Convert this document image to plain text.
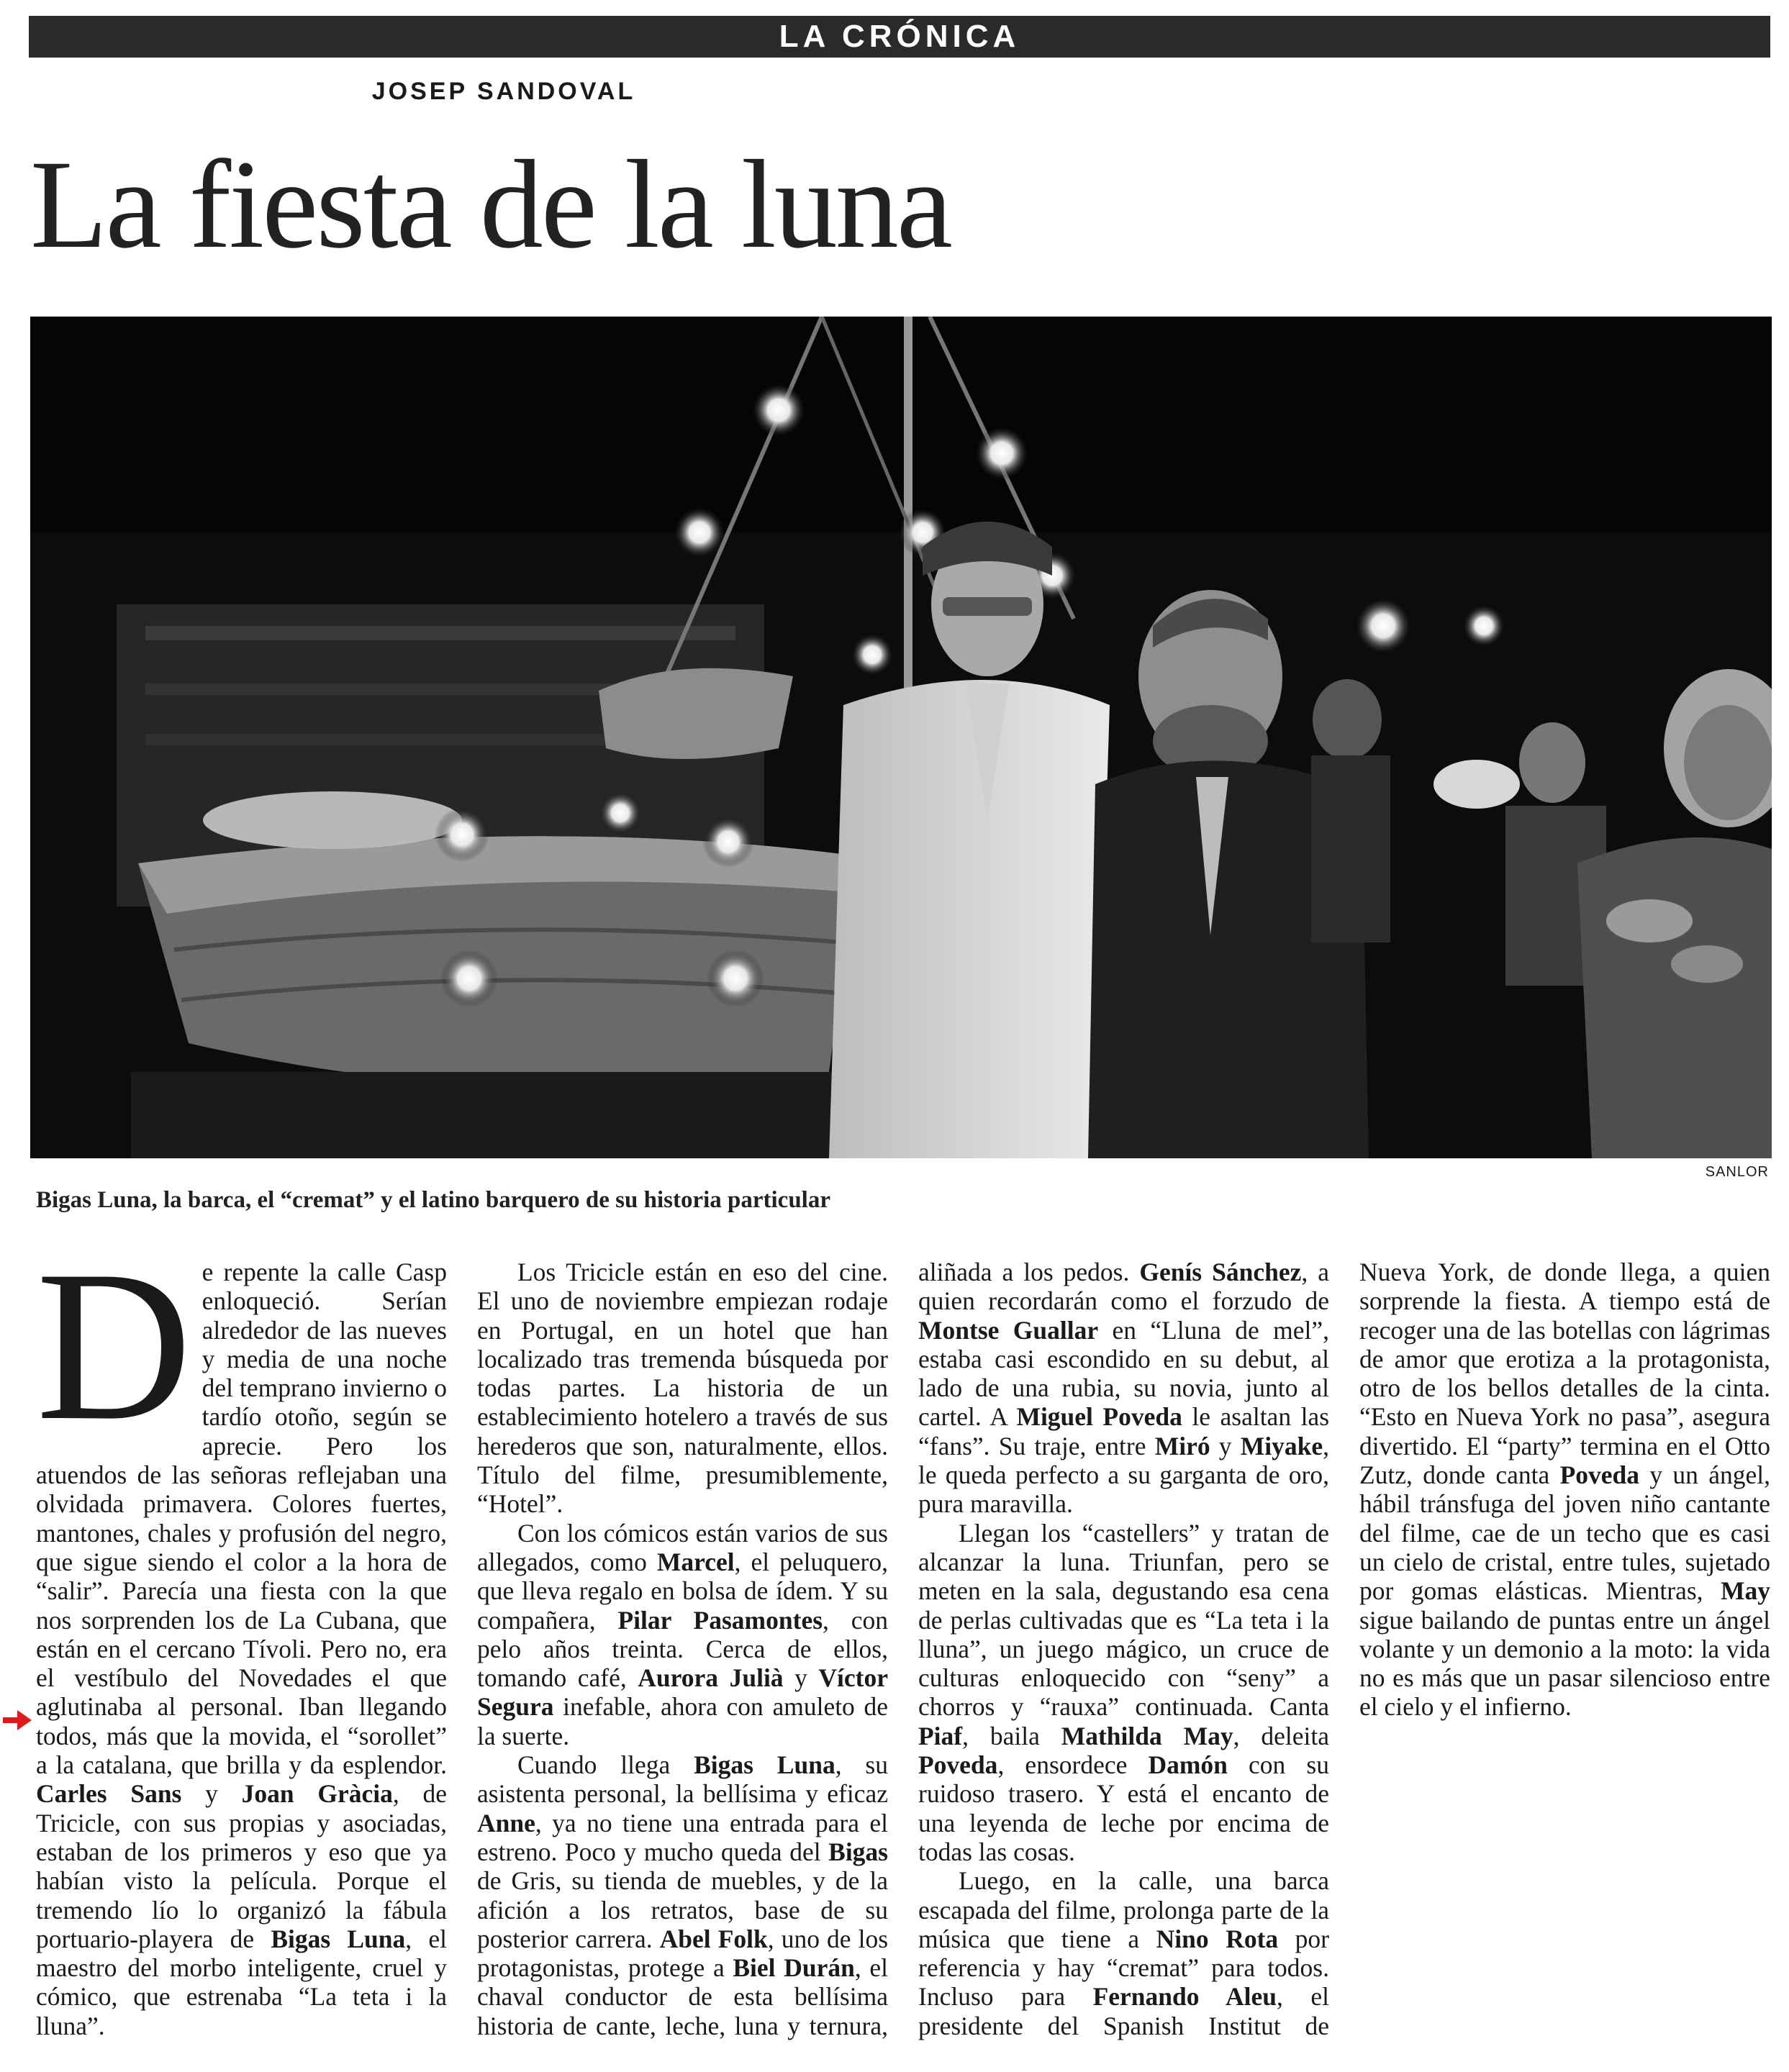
LA CRÓNICA
JOSEP SANDOVAL
La fiesta de la luna
SANLOR
Bigas Luna, la barca, el “cremat” y el latino barquero de su historia particular

De repente la calle Casp enloqueció. Serían alrededor de las nueves y media de una noche del temprano invierno o tardío otoño, según se aprecie. Pero los atuendos de las señoras reflejaban una olvidada primavera. Colores fuertes, mantones, chales y profusión del negro, que sigue siendo el color a la hora de “salir”. Parecía una fiesta con la que nos sorprenden los de La Cubana, que están en el cercano Tívoli. Pero no, era el vestíbulo del Novedades el que aglutinaba al personal. Iban llegando todos, más que la movida, el “sorollet” a la catalana, que brilla y da esplendor. Carles Sans y Joan Gràcia, de Tricicle, con sus propias y asociadas, estaban de los primeros y eso que ya habían visto la película. Porque el tremendo lío lo organizó la fábula portuario-playera de Bigas Luna, el maestro del morbo inteligente, cruel y cómico, que estrenaba “La teta i la lluna”.

Los Tricicle están en eso del cine. El uno de noviembre empiezan rodaje en Portugal, en un hotel que han localizado tras tremenda búsqueda por todas partes. La historia de un establecimiento hotelero a través de sus herederos que son, naturalmente, ellos. Título del filme, presumiblemente, “Hotel”.

Con los cómicos están varios de sus allegados, como Marcel, el peluquero, que lleva regalo en bolsa de ídem. Y su compañera, Pilar Pasamontes, con pelo años treinta. Cerca de ellos, tomando café, Aurora Julià y Víctor Segura inefable, ahora con amuleto de la suerte.

Cuando llega Bigas Luna, su asistenta personal, la bellísima y eficaz Anne, ya no tiene una entrada para el estreno. Poco y mucho queda del Bigas de Gris, su tienda de muebles, y de la afición a los retratos, base de su posterior carrera. Abel Folk, uno de los protagonistas, protege a Biel Durán, el chaval conductor de esta bellísima historia de cante, leche, luna y ternura, aliñada a los pedos. Genís Sánchez, a quien recordarán como el forzudo de Montse Guallar en “Lluna de mel”, estaba casi escondido en su debut, al lado de una rubia, su novia, junto al cartel. A Miguel Poveda le asaltan las “fans”. Su traje, entre Miró y Miyake, le queda perfecto a su garganta de oro, pura maravilla.

Llegan los “castellers” y tratan de alcanzar la luna. Triunfan, pero se meten en la sala, degustando esa cena de perlas cultivadas que es “La teta i la lluna”, un juego mágico, un cruce de culturas enloquecido con “seny” a chorros y “rauxa” continuada. Canta Piaf, baila Mathilda May, deleita Poveda, ensordece Damón con su ruidoso trasero. Y está el encanto de una leyenda de leche por encima de todas las cosas.

Luego, en la calle, una barca escapada del filme, prolonga parte de la música que tiene a Nino Rota por referencia y hay “cremat” para todos. Incluso para Fernando Aleu, el presidente del Spanish Institut de Nueva York, de donde llega, a quien sorprende la fiesta. A tiempo está de recoger una de las botellas con lágrimas de amor que erotiza a la protagonista, otro de los bellos detalles de la cinta. “Esto en Nueva York no pasa”, asegura divertido. El “party” termina en el Otto Zutz, donde canta Poveda y un ángel, hábil tránsfuga del joven niño cantante del filme, cae de un techo que es casi un cielo de cristal, entre tules, sujetado por gomas elásticas. Mientras, May sigue bailando de puntas entre un ángel volante y un demonio a la moto: la vida no es más que un pasar silencioso entre el cielo y el infierno.
